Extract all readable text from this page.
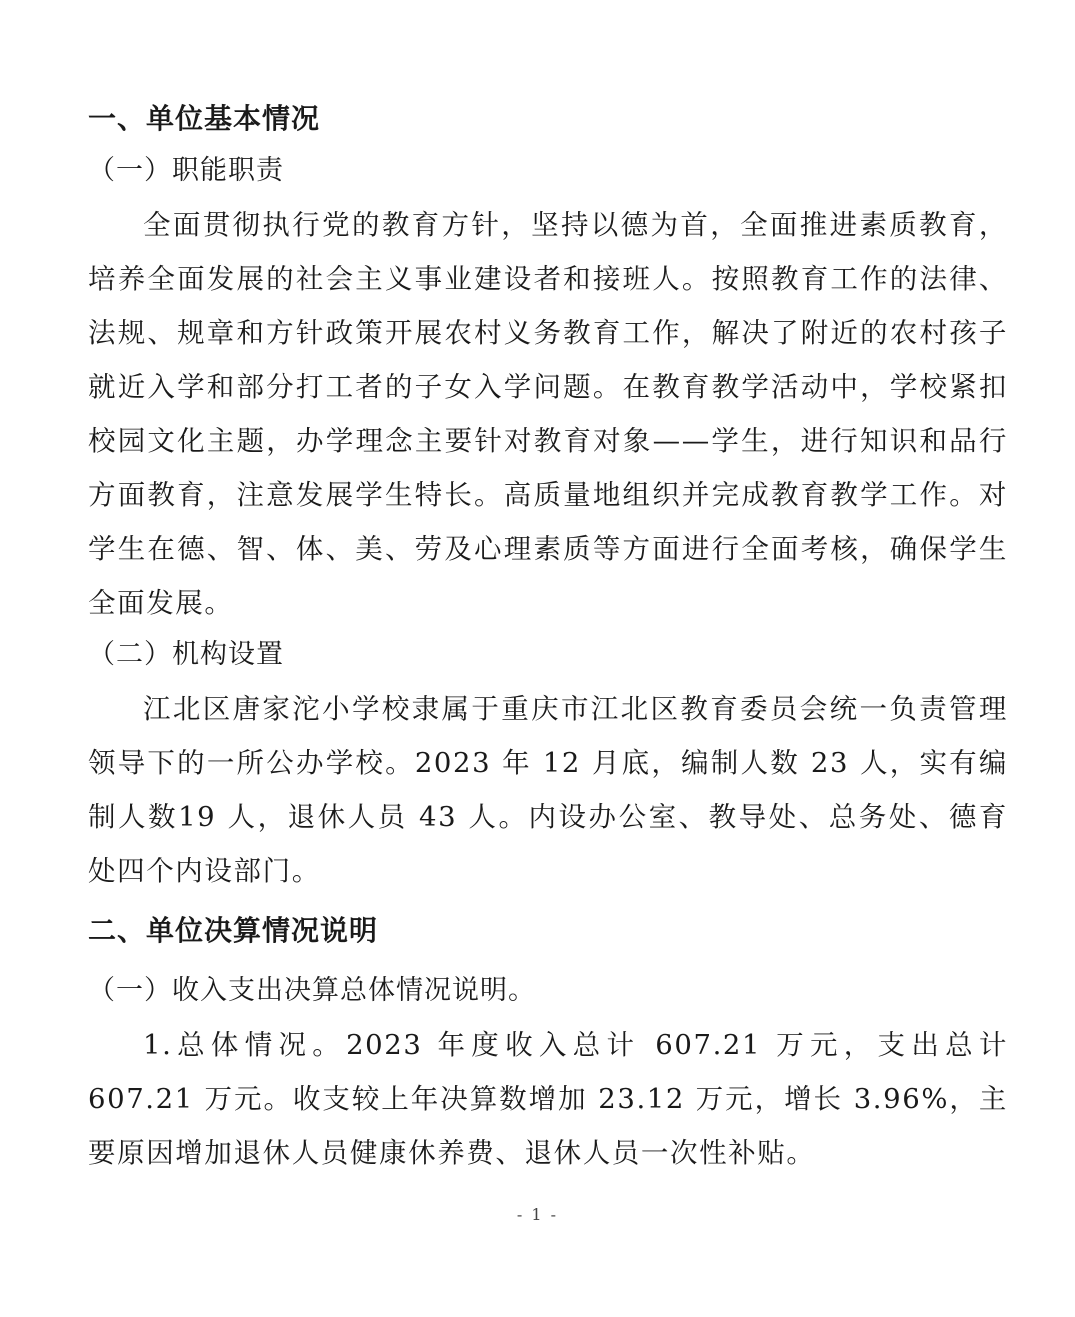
一、单位基本情况
（一）职能职责
全面贯彻执行党的教育方针，坚持以德为首，全面推进素质教育，培养全面发展的社会主义事业建设者和接班人。按照教育工作的法律、法规、规章和方针政策开展农村义务教育工作，解决了附近的农村孩子就近入学和部分打工者的子女入学问题。在教育教学活动中，学校紧扣校园文化主题，办学理念主要针对教育对象——学生，进行知识和品行方面教育，注意发展学生特长。高质量地组织并完成教育教学工作。对学生在德、智、体、美、劳及心理素质等方面进行全面考核，确保学生全面发展。
（二）机构设置
江北区唐家沱小学校隶属于重庆市江北区教育委员会统一负责管理领导下的一所公办学校。2023 年 12 月底，编制人数 23 人，实有编制人数19 人，退休人员 43 人。内设办公室、教导处、总务处、德育处四个内设部门。
二、单位决算情况说明
（一）收入支出决算总体情况说明。
1.总体情况。2023 年度收入总计 607.21 万元，支出总计 607.21 万元。收支较上年决算数增加 23.12 万元，增长 3.96%，主要原因增加退休人员健康休养费、退休人员一次性补贴。
- 1 -
